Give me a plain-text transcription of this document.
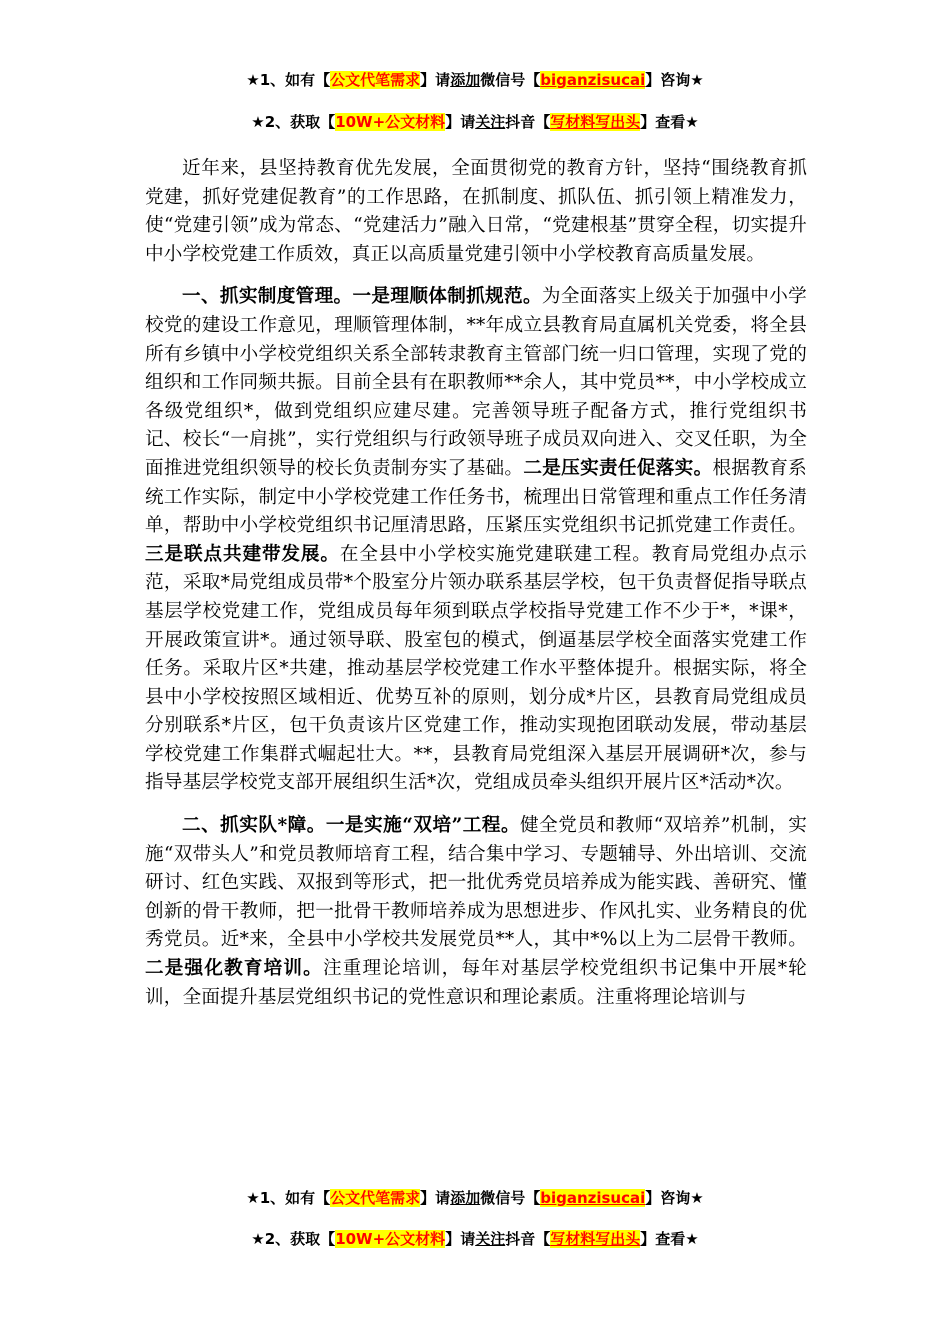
★1、如有【公文代笔需求】请添加微信号【biganzisucai】咨询★
★2、获取【10W+公文材料】请关注抖音【写材料写出头】查看★

近年来，县坚持教育优先发展，全面贯彻党的教育方针，坚持“围绕教育抓党建，抓好党建促教育”的工作思路，在抓制度、抓队伍、抓引领上精准发力，使“党建引领”成为常态、“党建活力”融入日常，“党建根基”贯穿全程，切实提升中小学校党建工作质效，真正以高质量党建引领中小学校教育高质量发展。

一、抓实制度管理。一是理顺体制抓规范。为全面落实上级关于加强中小学校党的建设工作意见，理顺管理体制，**年成立县教育局直属机关党委，将全县所有乡镇中小学校党组织关系全部转隶教育主管部门统一归口管理，实现了党的组织和工作同频共振。目前全县有在职教师**余人，其中党员**，中小学校成立各级党组织*，做到党组织应建尽建。完善领导班子配备方式，推行党组织书记、校长“一肩挑”，实行党组织与行政领导班子成员双向进入、交叉任职，为全面推进党组织领导的校长负责制夯实了基础。二是压实责任促落实。根据教育系统工作实际，制定中小学校党建工作任务书，梳理出日常管理和重点工作任务清单，帮助中小学校党组织书记厘清思路，压紧压实党组织书记抓党建工作责任。三是联点共建带发展。在全县中小学校实施党建联建工程。教育局党组办点示范，采取*局党组成员带*个股室分片领办联系基层学校，包干负责督促指导联点基层学校党建工作，党组成员每年须到联点学校指导党建工作不少于*，*课*，开展政策宣讲*。通过领导联、股室包的模式，倒逼基层学校全面落实党建工作任务。采取片区*共建，推动基层学校党建工作水平整体提升。根据实际，将全县中小学校按照区域相近、优势互补的原则，划分成*片区，县教育局党组成员分别联系*片区，包干负责该片区党建工作，推动实现抱团联动发展，带动基层学校党建工作集群式崛起壮大。**，县教育局党组深入基层开展调研*次，参与指导基层学校党支部开展组织生活*次，党组成员牵头组织开展片区*活动*次。

二、抓实队*障。一是实施“双培”工程。健全党员和教师“双培养”机制，实施“双带头人”和党员教师培育工程，结合集中学习、专题辅导、外出培训、交流研讨、红色实践、双报到等形式，把一批优秀党员培养成为能实践、善研究、懂创新的骨干教师，把一批骨干教师培养成为思想进步、作风扎实、业务精良的优秀党员。近*来，全县中小学校共发展党员**人，其中*%以上为二层骨干教师。二是强化教育培训。注重理论培训，每年对基层学校党组织书记集中开展*轮训，全面提升基层党组织书记的党性意识和理论素质。注重将理论培训与

★1、如有【公文代笔需求】请添加微信号【biganzisucai】咨询★
★2、获取【10W+公文材料】请关注抖音【写材料写出头】查看★
